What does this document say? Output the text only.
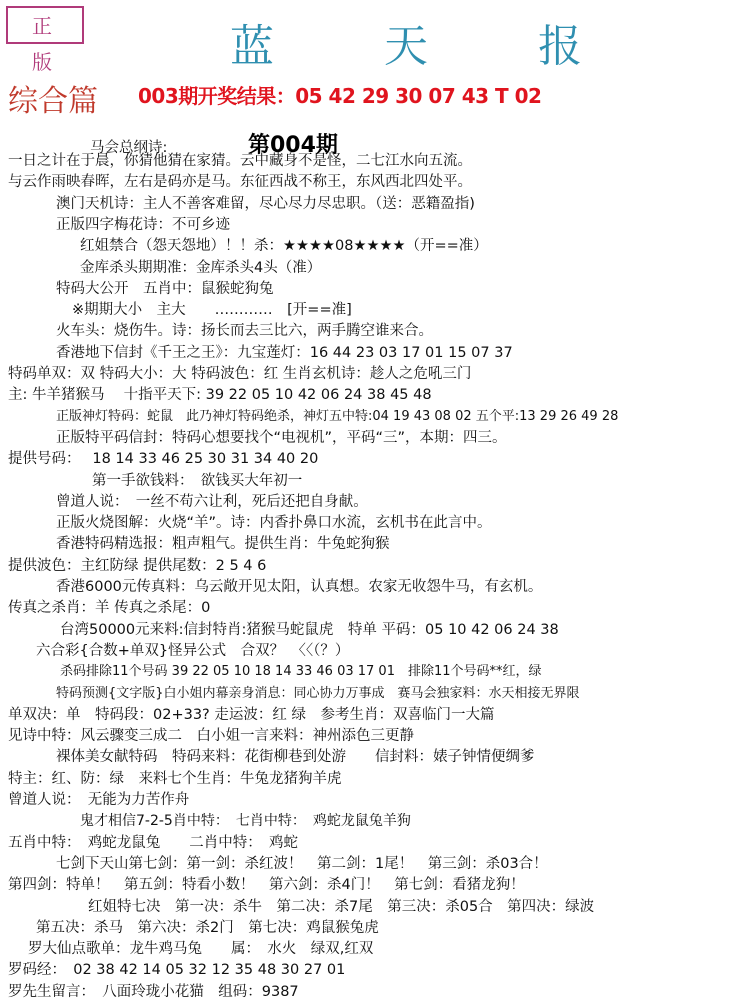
正 版	蓝 天 报
综合篇 003期开奖结果：05 42 29 30 07 43 T 02
马会总纲诗:	第004期
一日之计在于晨，你猜他猜在家猜。云中藏身不是怪，二七江水向五流。
与云作雨映春晖，左右是码亦是马。东征西战不称王，东风西北四处平。
澳门天机诗：主人不善客难留，尽心尽力尽忠职。（送：恶籍盈指)
正版四字梅花诗：不可乡迹
红姐禁合（怨天怨地）！！杀：★★★★08★★★★（开==准）
金库杀头期期准：金库杀头4头（准）
特码大公开　五肖中：鼠猴蛇狗兔
※期期大小　主大　　…………　[开==准]
火车头：烧伤牛。诗：扬长而去三比六，两手腾空谁来合。
香港地下信封《千王之王》：九宝莲灯：16 44 23 03 17 01 15 07 37
特码单双：双 特码大小：大 特码波色：红 生肖玄机诗：趁人之危吼三门
主: 牛羊猪猴马　 十指平天下: 39 22 05 10 42 06 24 38 45 48
正版神灯特码：蛇鼠　此乃神灯特码绝杀，神灯五中特:04 19 43 08 02 五个平:13 29 26 49 28
正版特平码信封：特码心想要找个“电视机”，平码“三”，本期：四三。
提供号码：　 18 14 33 46 25 30 31 34 40 20
第一手欲钱料：　欲钱买大年初一
曾道人说：　一丝不苟六让利，死后还把自身献。
正版火烧图解：火烧“羊”。诗：内香扑鼻口水流，玄机书在此言中。
香港特码精选报：粗声粗气。提供生肖：牛兔蛇狗猴
提供波色：主红防绿 提供尾数：2 5 4 6
香港6000元传真料：乌云敞开见太阳，认真想。农家无收怨牛马，有玄机。
传真之杀肖：羊 传真之杀尾：0
台湾50000元来料:信封特肖:猪猴马蛇鼠虎　特单 平码：05 10 42 06 24 38
六合彩{合数+单双}怪异公式　合双？　〈〈（？）
杀码排除11个号码 39 22 05 10 18 14 33 46 03 17 01　排除11个号码**红，绿
特码预测{文字版}白小姐内幕亲身消息：同心协力万事成　赛马会独家料：水天相接无界限
单双决：单　特码段：02+33? 走运波：红 绿　参考生肖：双喜临门一大篇
见诗中特：风云骤变三成二　白小姐一言来料：神州添色三更静
裸体美女献特码　特码来料：花街柳巷到处游　　信封料：婊子钟情便绸爹
特主：红、防：绿　来料七个生肖：牛兔龙猪狗羊虎
曾道人说：　无能为力苦作舟
鬼才相信7-2-5肖中特：　七肖中特：　鸡蛇龙鼠兔羊狗
五肖中特：　鸡蛇龙鼠兔　　二肖中特：　鸡蛇
七剑下天山第七剑：第一剑：杀红波！　第二剑：1尾！　第三剑：杀03合！
第四剑：特单！　第五剑：特看小数！　第六剑：杀4门！　第七剑：看猪龙狗！
红姐特七决　第一决：杀牛　第二决：杀7尾　第三决：杀05合　第四决：绿波
第五决：杀马　第六决：杀2门　第七决：鸡鼠猴兔虎
罗大仙点歌单：龙牛鸡马兔　　属：　水火　绿双,红双
罗码经：　02 38 42 14 05 32 12 35 48 30 27 01
罗先生留言：　八面玲珑小花猫　组码：9387
